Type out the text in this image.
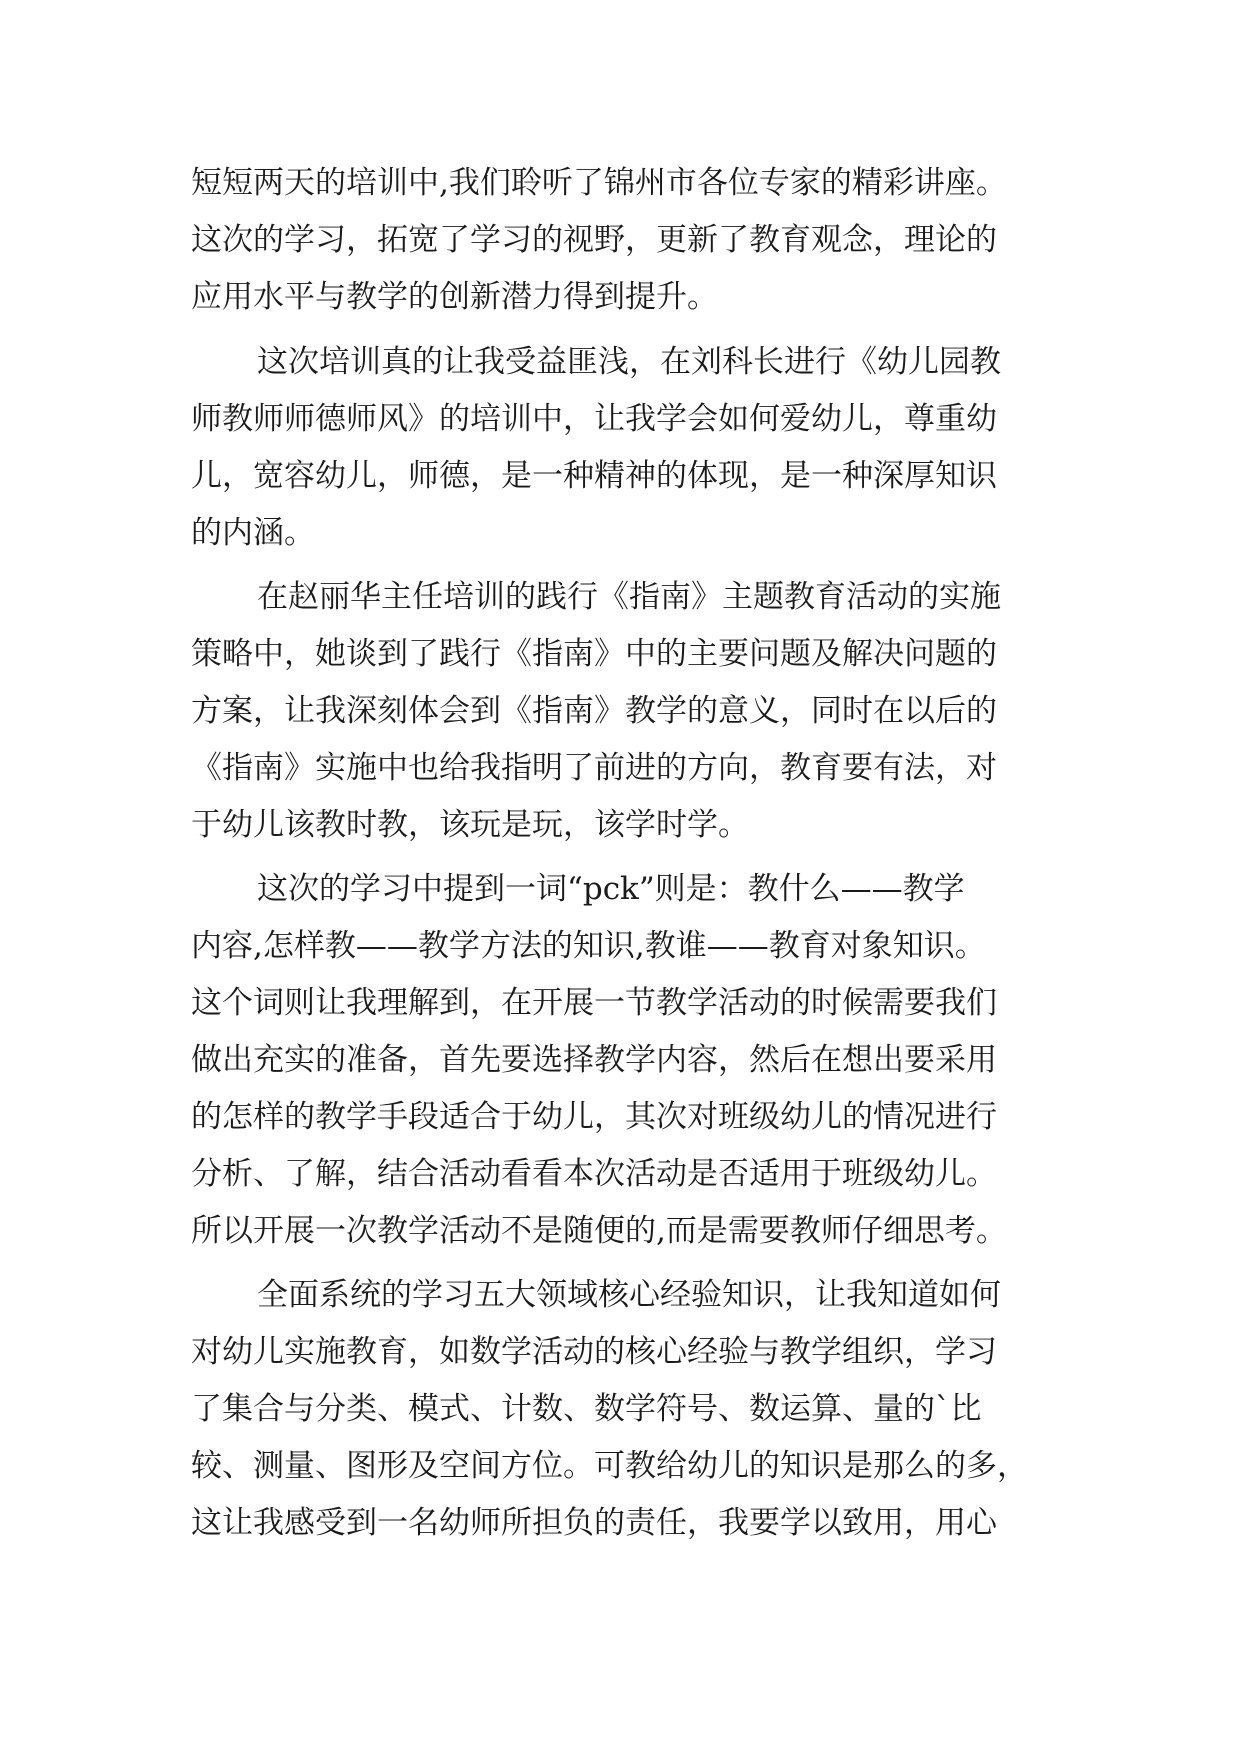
短短两天的培训中,我们聆听了锦州市各位专家的精彩讲座。
这次的学习，拓宽了学习的视野，更新了教育观念，理论的
应用水平与教学的创新潜力得到提升。
这次培训真的让我受益匪浅，在刘科长进行《幼儿园教
师教师师德师风》的培训中，让我学会如何爱幼儿，尊重幼
儿，宽容幼儿，师德，是一种精神的体现，是一种深厚知识
的内涵。
在赵丽华主任培训的践行《指南》主题教育活动的实施
策略中，她谈到了践行《指南》中的主要问题及解决问题的
方案，让我深刻体会到《指南》教学的意义，同时在以后的
《指南》实施中也给我指明了前进的方向，教育要有法，对
于幼儿该教时教，该玩是玩，该学时学。
这次的学习中提到一词“pck”则是：教什么——教学
内容,怎样教——教学方法的知识,教谁——教育对象知识。
这个词则让我理解到，在开展一节教学活动的时候需要我们
做出充实的准备，首先要选择教学内容，然后在想出要采用
的怎样的教学手段适合于幼儿，其次对班级幼儿的情况进行
分析、了解，结合活动看看本次活动是否适用于班级幼儿。
所以开展一次教学活动不是随便的,而是需要教师仔细思考。
全面系统的学习五大领域核心经验知识，让我知道如何
对幼儿实施教育，如数学活动的核心经验与教学组织，学习
了集合与分类、模式、计数、数学符号、数运算、量的`比
较、测量、图形及空间方位。可教给幼儿的知识是那么的多，
这让我感受到一名幼师所担负的责任，我要学以致用，用心
